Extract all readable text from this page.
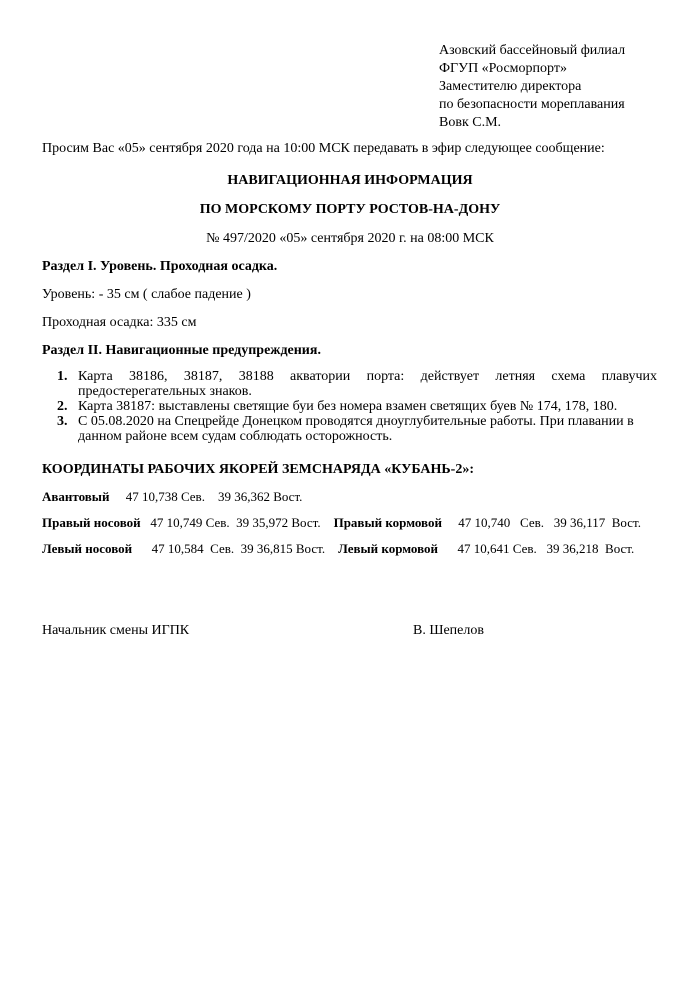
Азовский бассейновый филиал
ФГУП «Росморпорт»
Заместителю директора
по безопасности мореплавания
Вовк С.М.
Просим Вас «05» сентября 2020 года на 10:00 МСК передавать в эфир следующее сообщение:
НАВИГАЦИОННАЯ ИНФОРМАЦИЯ
ПО МОРСКОМУ ПОРТУ РОСТОВ-НА-ДОНУ
№ 497/2020 «05» сентября 2020 г. на 08:00 МСК
Раздел I. Уровень. Проходная осадка.
Уровень: - 35 см ( слабое падение )
Проходная осадка: 335 см
Раздел II. Навигационные предупреждения.
1. Карта 38186, 38187, 38188 акватории порта: действует летняя схема плавучих
предостерегательных знаков.
2. Карта 38187: выставлены светящие буи без номера взамен светящих буев № 174, 178, 180.
3. С 05.08.2020 на Спецрейде Донецком проводятся дноуглубительные работы. При плавании в
данном районе всем судам соблюдать осторожность.
КООРДИНАТЫ РАБОЧИХ ЯКОРЕЙ ЗЕМСНАРЯДА «КУБАНЬ-2»:
Авантовый 47 10,738 Сев.    39 36,362 Вост.
Правый носовой 47 10,749 Сев.  39 35,972 Вост. Правый кормовой 47 10,740   Сев.   39 36,117  Вост.
Левый носовой 47 10,584  Сев.  39 36,815 Вост. Левый кормовой 47 10,641 Сев.   39 36,218  Вост.
Начальник смены ИГПК	В. Шепелов
